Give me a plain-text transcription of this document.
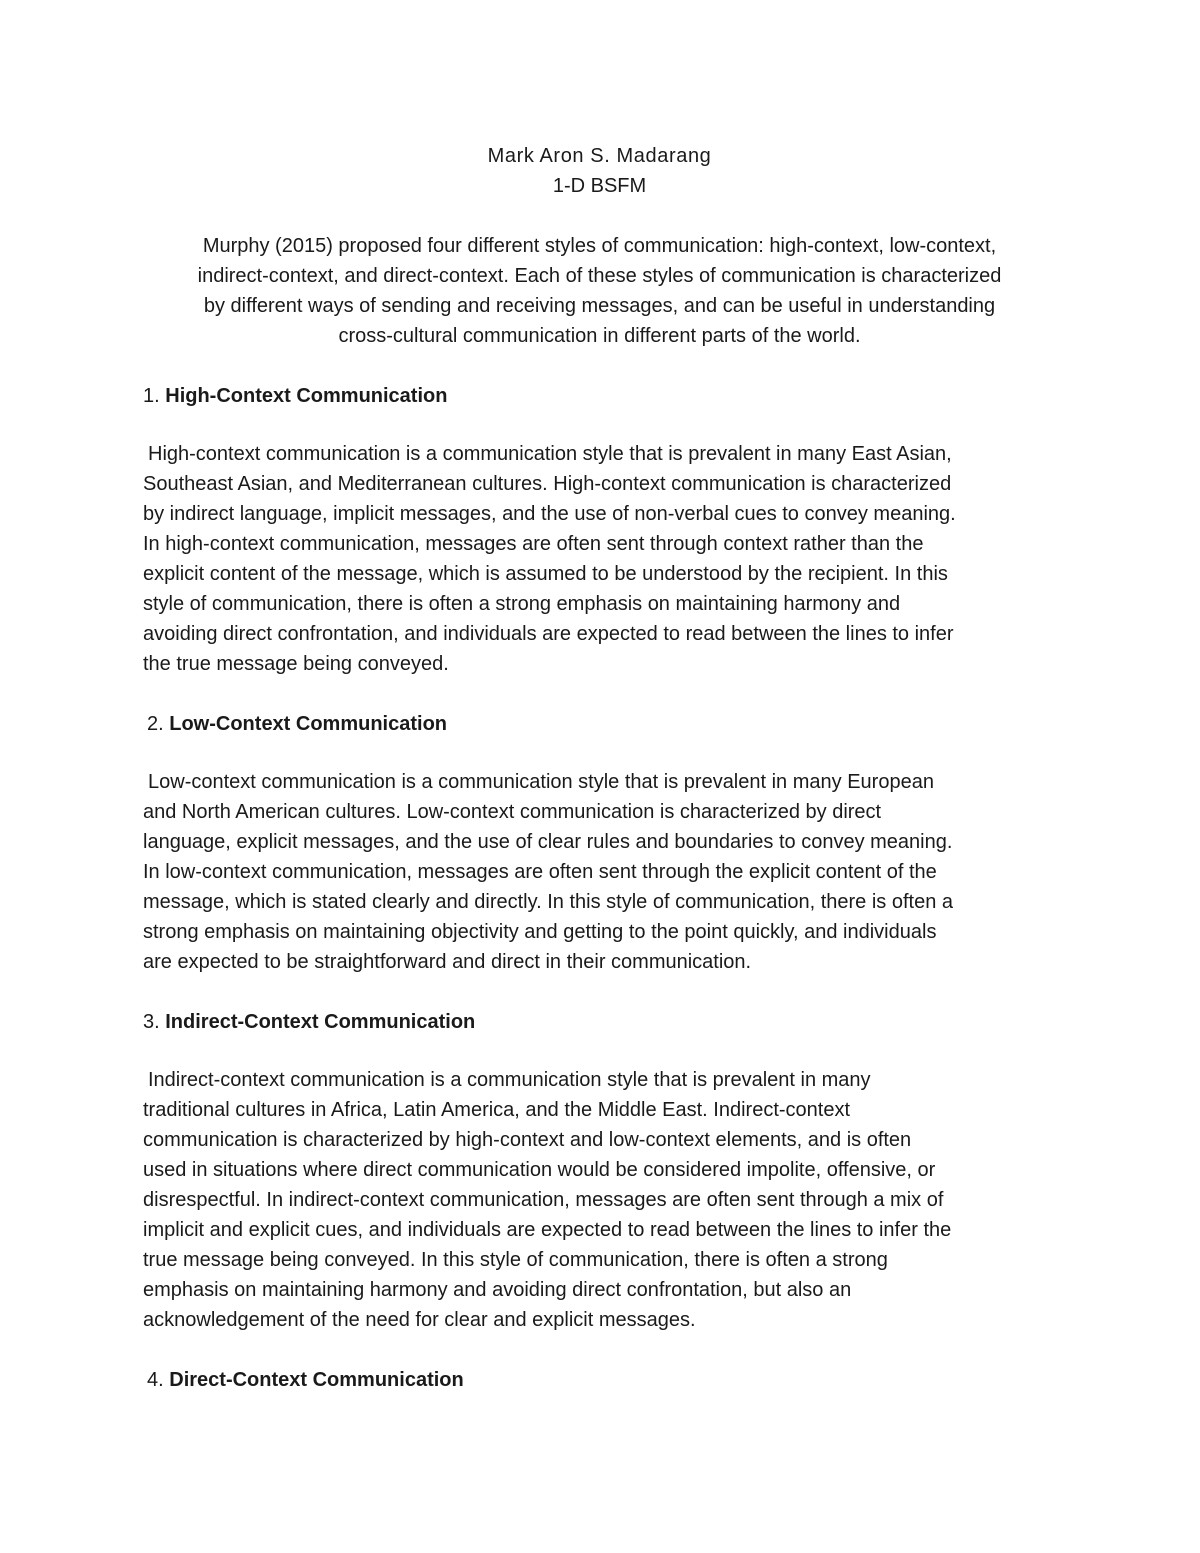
Mark Aron S. Madarang
1-D BSFM
Murphy (2015) proposed four different styles of communication: high-context, low-context,
indirect-context, and direct-context. Each of these styles of communication is characterized
by different ways of sending and receiving messages, and can be useful in understanding
cross-cultural communication in different parts of the world.
1. High-Context Communication
High-context communication is a communication style that is prevalent in many East Asian,
Southeast Asian, and Mediterranean cultures. High-context communication is characterized
by indirect language, implicit messages, and the use of non-verbal cues to convey meaning.
In high-context communication, messages are often sent through context rather than the
explicit content of the message, which is assumed to be understood by the recipient. In this
style of communication, there is often a strong emphasis on maintaining harmony and
avoiding direct confrontation, and individuals are expected to read between the lines to infer
the true message being conveyed.
2. Low-Context Communication
Low-context communication is a communication style that is prevalent in many European
and North American cultures. Low-context communication is characterized by direct
language, explicit messages, and the use of clear rules and boundaries to convey meaning.
In low-context communication, messages are often sent through the explicit content of the
message, which is stated clearly and directly. In this style of communication, there is often a
strong emphasis on maintaining objectivity and getting to the point quickly, and individuals
are expected to be straightforward and direct in their communication.
3. Indirect-Context Communication
Indirect-context communication is a communication style that is prevalent in many
traditional cultures in Africa, Latin America, and the Middle East. Indirect-context
communication is characterized by high-context and low-context elements, and is often
used in situations where direct communication would be considered impolite, offensive, or
disrespectful. In indirect-context communication, messages are often sent through a mix of
implicit and explicit cues, and individuals are expected to read between the lines to infer the
true message being conveyed. In this style of communication, there is often a strong
emphasis on maintaining harmony and avoiding direct confrontation, but also an
acknowledgement of the need for clear and explicit messages.
4. Direct-Context Communication
